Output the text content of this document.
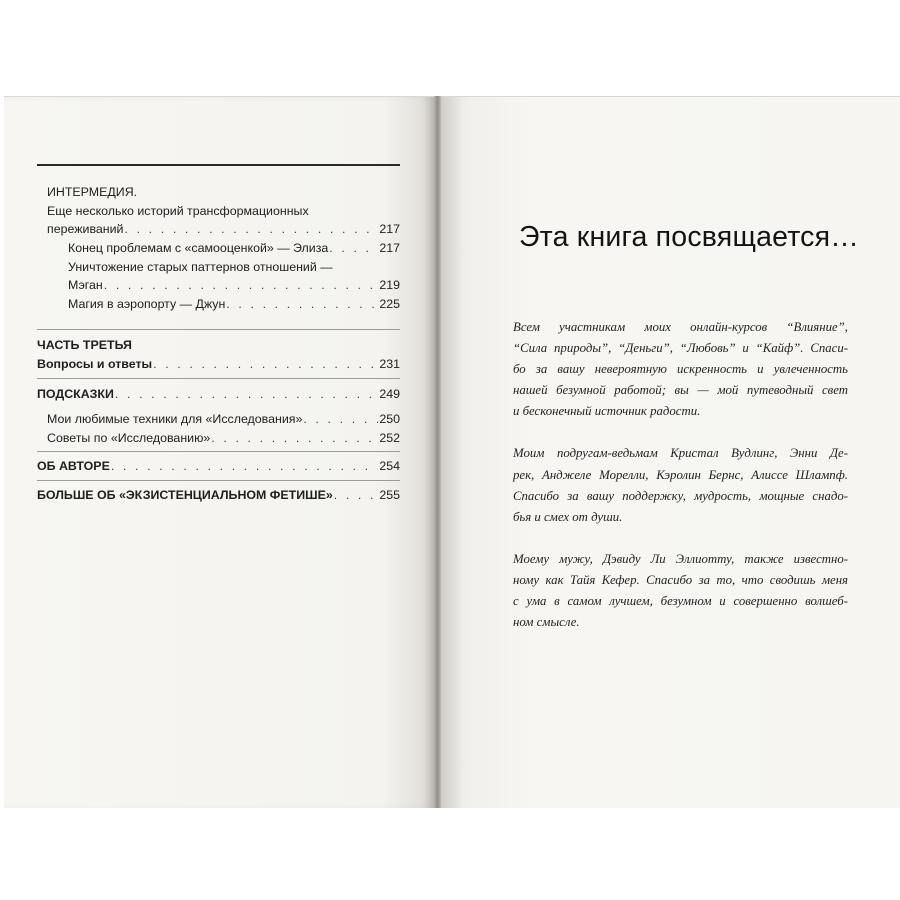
ИНТЕРМЕДИЯ.
Еще несколько историй трансформационных
переживаний . . .	217
Конец проблемам с «самооценкой» — Элиза . . .	217
Уничтожение старых паттернов отношений —
Мэган . . .	219
Магия в аэропорту — Джун . . .	225
ЧАСТЬ ТРЕТЬЯ
Вопросы и ответы . . .	231
ПОДСКАЗКИ . . .	249
Мои любимые техники для «Исследования» . . .	250
Советы по «Исследованию» . . .	252
ОБ АВТОРЕ . . .	254
БОЛЬШЕ ОБ «ЭКЗИСТЕНЦИАЛЬНОМ ФЕТИШЕ» . . .	255
Эта книга посвящается…

Всем участникам моих онлайн-курсов “Влияние”,
“Сила природы”, “Деньги”, “Любовь” и “Кайф”. Спаси-
бо за вашу невероятную искренность и увлеченность
нашей безумной работой; вы — мой путеводный свет
и бесконечный источник радости.

Моим подругам-ведьмам Кристал Вудлинг, Энни Де-
рек, Анджеле Морелли, Кэролин Бернс, Алиссе Шлампф.
Спасибо за вашу поддержку, мудрость, мощные снадо-
бья и смех от души.

Моему мужу, Дэвиду Ли Эллиотту, также известно-
ному как Тайя Кефер. Спасибо за то, что сводишь меня
с ума в самом лучшем, безумном и совершенно волшеб-
ном смысле.
